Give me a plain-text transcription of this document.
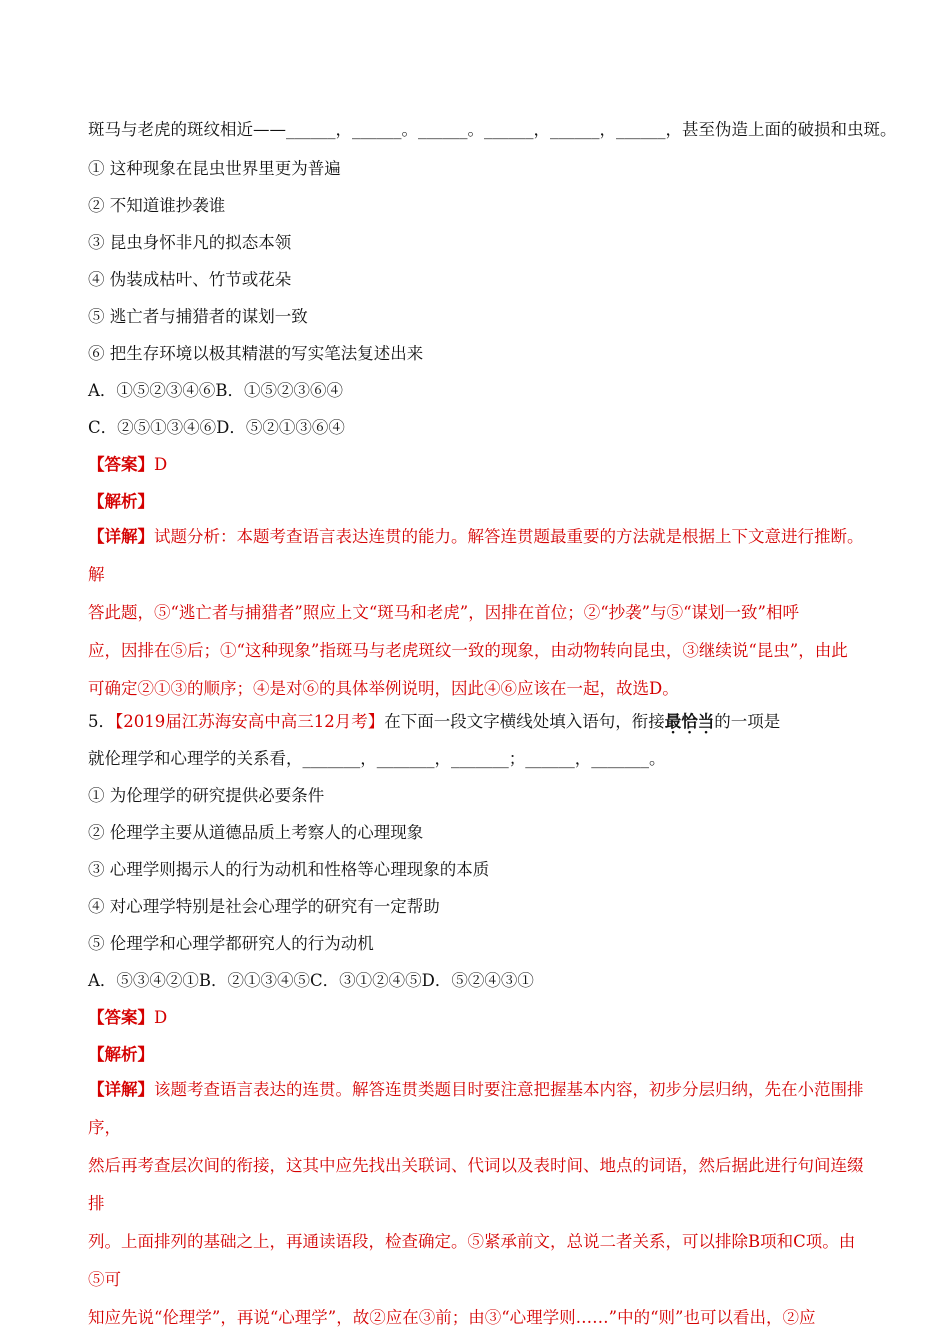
斑马与老虎的斑纹相近——______，______。______。______，______，______，甚至伪造上面的破损和虫斑。

① 这种现象在昆虫世界里更为普遍

② 不知道谁抄袭谁

③ 昆虫身怀非凡的拟态本领

④ 伪装成枯叶、竹节或花朵

⑤ 逃亡者与捕猎者的谋划一致

⑥ 把生存环境以极其精湛的写实笔法复述出来

A．①⑤②③④⑥B．①⑤②③⑥④

C．②⑤①③④⑥D．⑤②①③⑥④

【答案】D

【解析】

【详解】试题分析：本题考查语言表达连贯的能力。解答连贯题最重要的方法就是根据上下文意进行推断。解

答此题，⑤“逃亡者与捕猎者”照应上文“斑马和老虎”，因排在首位；②“抄袭”与⑤“谋划一致”相呼

应，因排在⑤后；①“这种现象”指斑马与老虎斑纹一致的现象，由动物转向昆虫，③继续说“昆虫”，由此

可确定②①③的顺序；④是对⑥的具体举例说明，因此④⑥应该在一起，故选D。

5．【2019届江苏海安高中高三12月考】在下面一段文字横线处填入语句，衔接最恰当的一项是

就伦理学和心理学的关系看，_______，_______，_______；______，_______。

① 为伦理学的研究提供必要条件

② 伦理学主要从道德品质上考察人的心理现象

③ 心理学则揭示人的行为动机和性格等心理现象的本质

④ 对心理学特别是社会心理学的研究有一定帮助

⑤ 伦理学和心理学都研究人的行为动机

A．⑤③④②①B．②①③④⑤C．③①②④⑤D．⑤②④③①

【答案】D

【解析】

【详解】该题考查语言表达的连贯。解答连贯类题目时要注意把握基本内容，初步分层归纳，先在小范围排序，

然后再考查层次间的衔接，这其中应先找出关联词、代词以及表时间、地点的词语，然后据此进行句间连缀排

列。上面排列的基础之上，再通读语段，检查确定。⑤紧承前文，总说二者关系，可以排除B项和C项。由⑤可

知应先说“伦理学”，再说“心理学”，故②应在③前；由③“心理学则……”中的“则”也可以看出，②应
